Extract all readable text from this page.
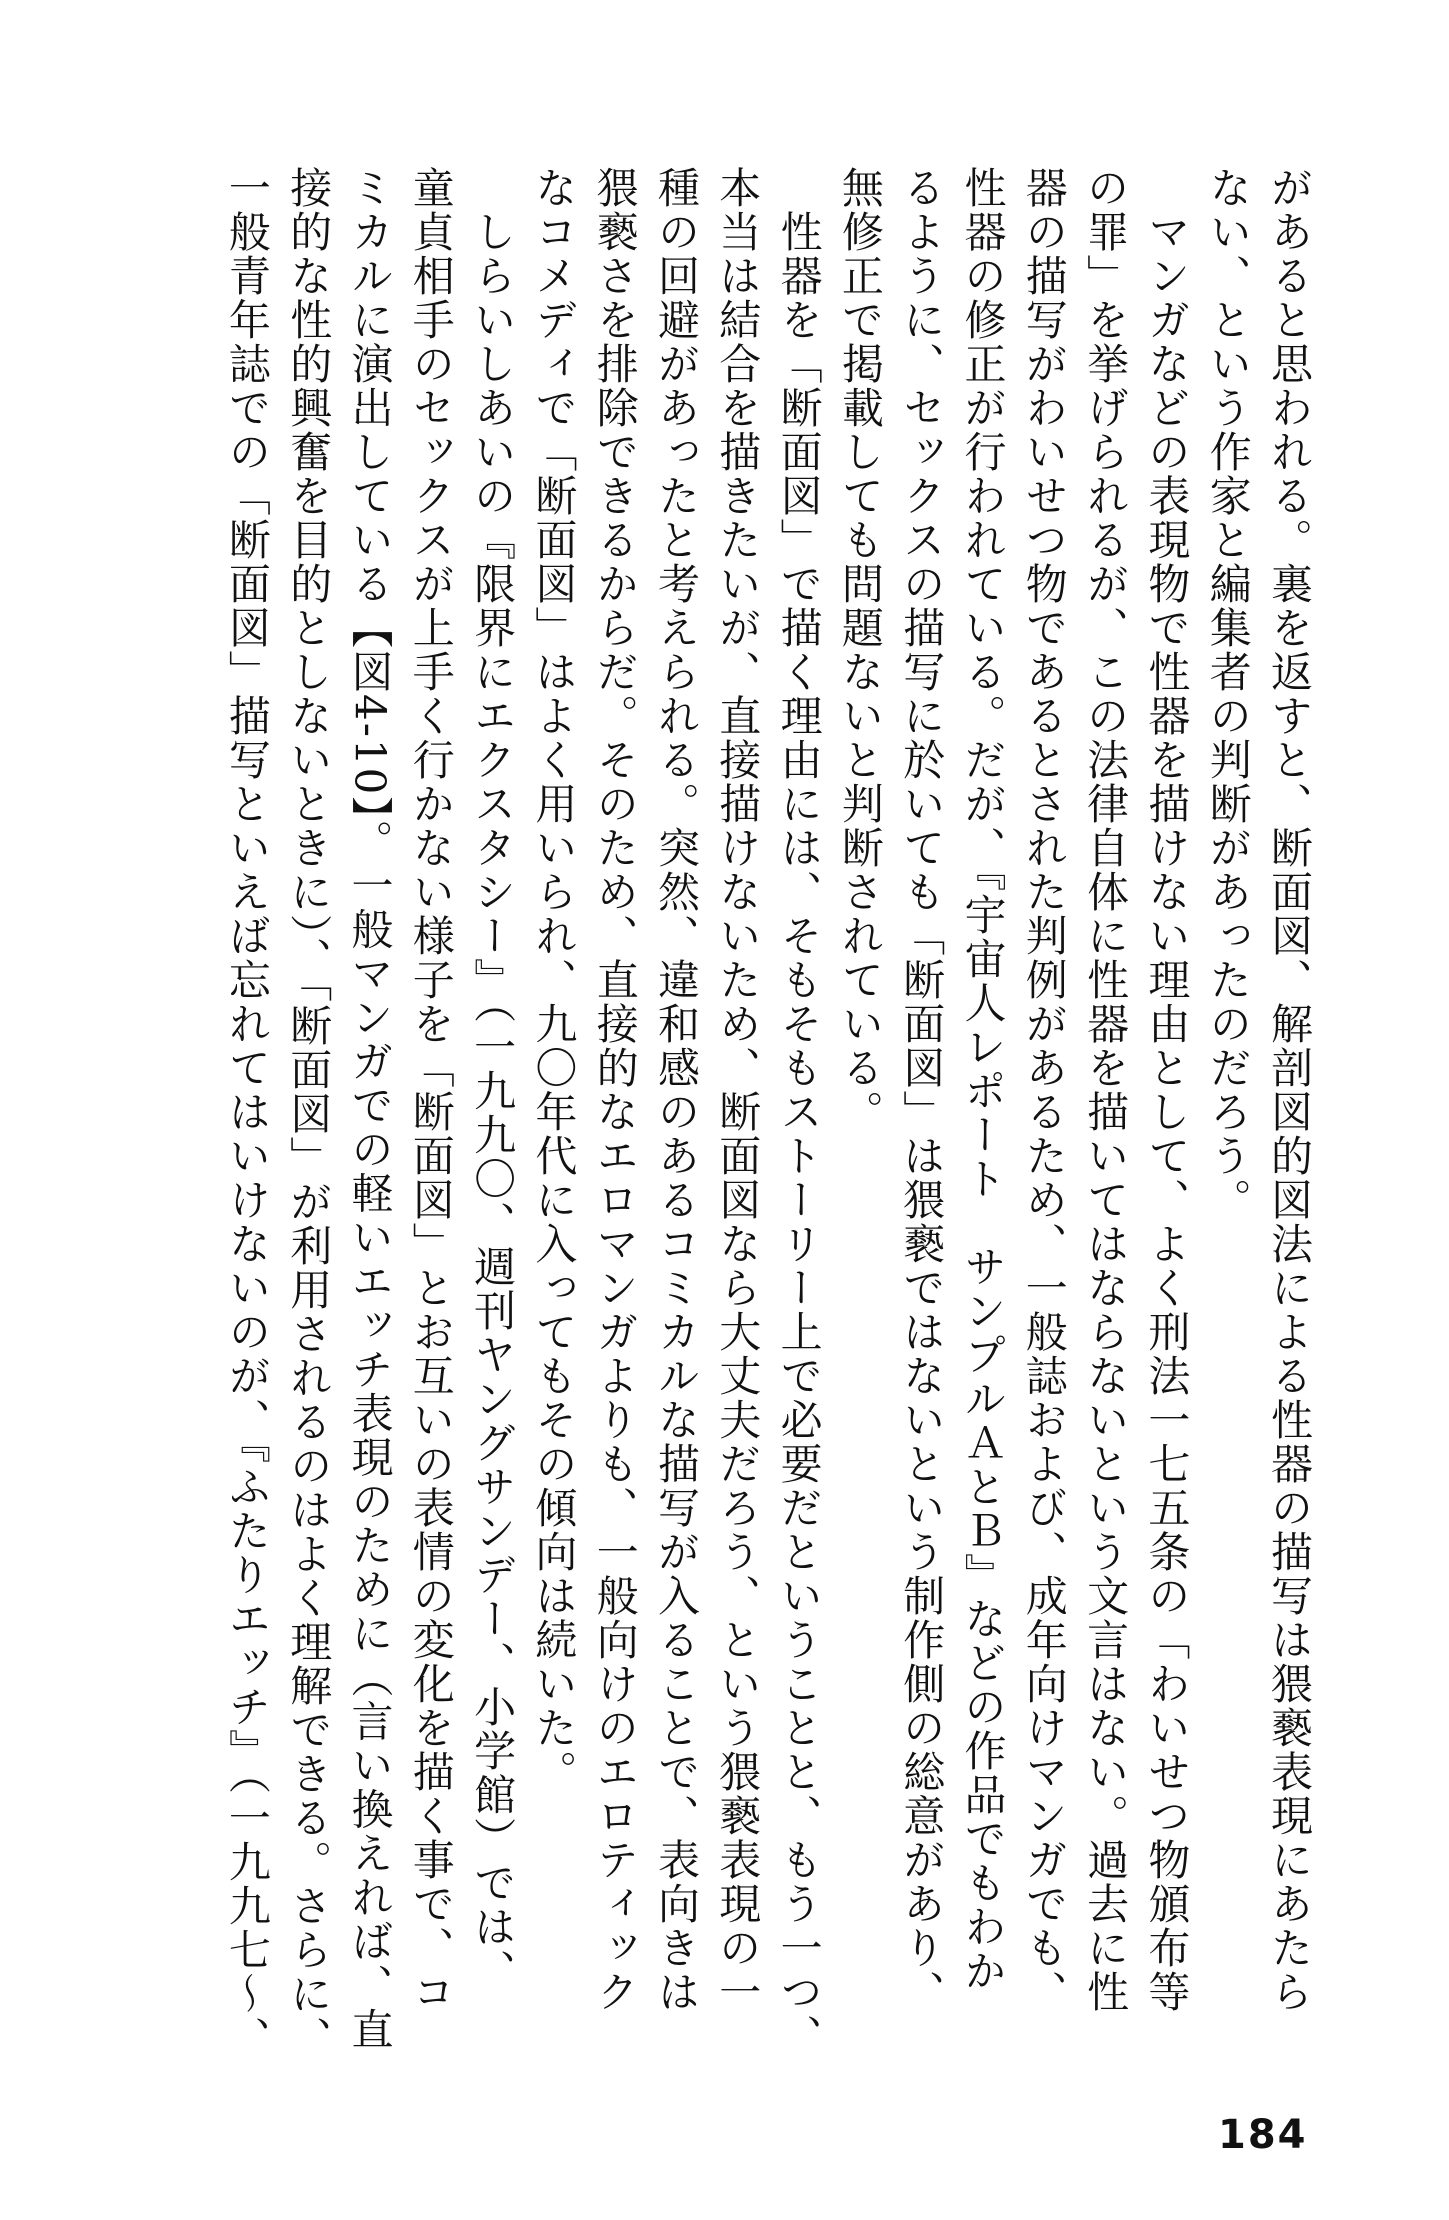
があると思われる。裏を返すと、断面図、解剖図的図法による性器の描写は猥褻表現にあたら
ない、という作家と編集者の判断があったのだろう。
　マンガなどの表現物で性器を描けない理由として、よく刑法一七五条の「わいせつ物頒布等
の罪」を挙げられるが、この法律自体に性器を描いてはならないという文言はない。過去に性
器の描写がわいせつ物であるとされた判例があるため、一般誌および、成年向けマンガでも、
性器の修正が行われている。だが、『宇宙人レポート　サンプルＡとＢ』などの作品でもわか
るように、セックスの描写に於いても「断面図」は猥褻ではないという制作側の総意があり、
無修正で掲載しても問題ないと判断されている。
　性器を「断面図」で描く理由には、そもそもストーリー上で必要だということと、もう一つ、
本当は結合を描きたいが、直接描けないため、断面図なら大丈夫だろう、という猥褻表現の一
種の回避があったと考えられる。突然、違和感のあるコミカルな描写が入ることで、表向きは
猥褻さを排除できるからだ。そのため、直接的なエロマンガよりも、一般向けのエロティック
なコメディで「断面図」はよく用いられ、九〇年代に入ってもその傾向は続いた。
　しらいしあいの『限界にエクスタシー』（一九九〇、週刊ヤングサンデー、小学館）では、
童貞相手のセックスが上手く行かない様子を「断面図」とお互いの表情の変化を描く事で、コ
ミカルに演出している【図4-10】。一般マンガでの軽いエッチ表現のために（言い換えれば、直
接的な性的興奮を目的としないときに）、「断面図」が利用されるのはよく理解できる。さらに、
一般青年誌での「断面図」描写といえば忘れてはいけないのが、『ふたりエッチ』（一九九七〜、
184
